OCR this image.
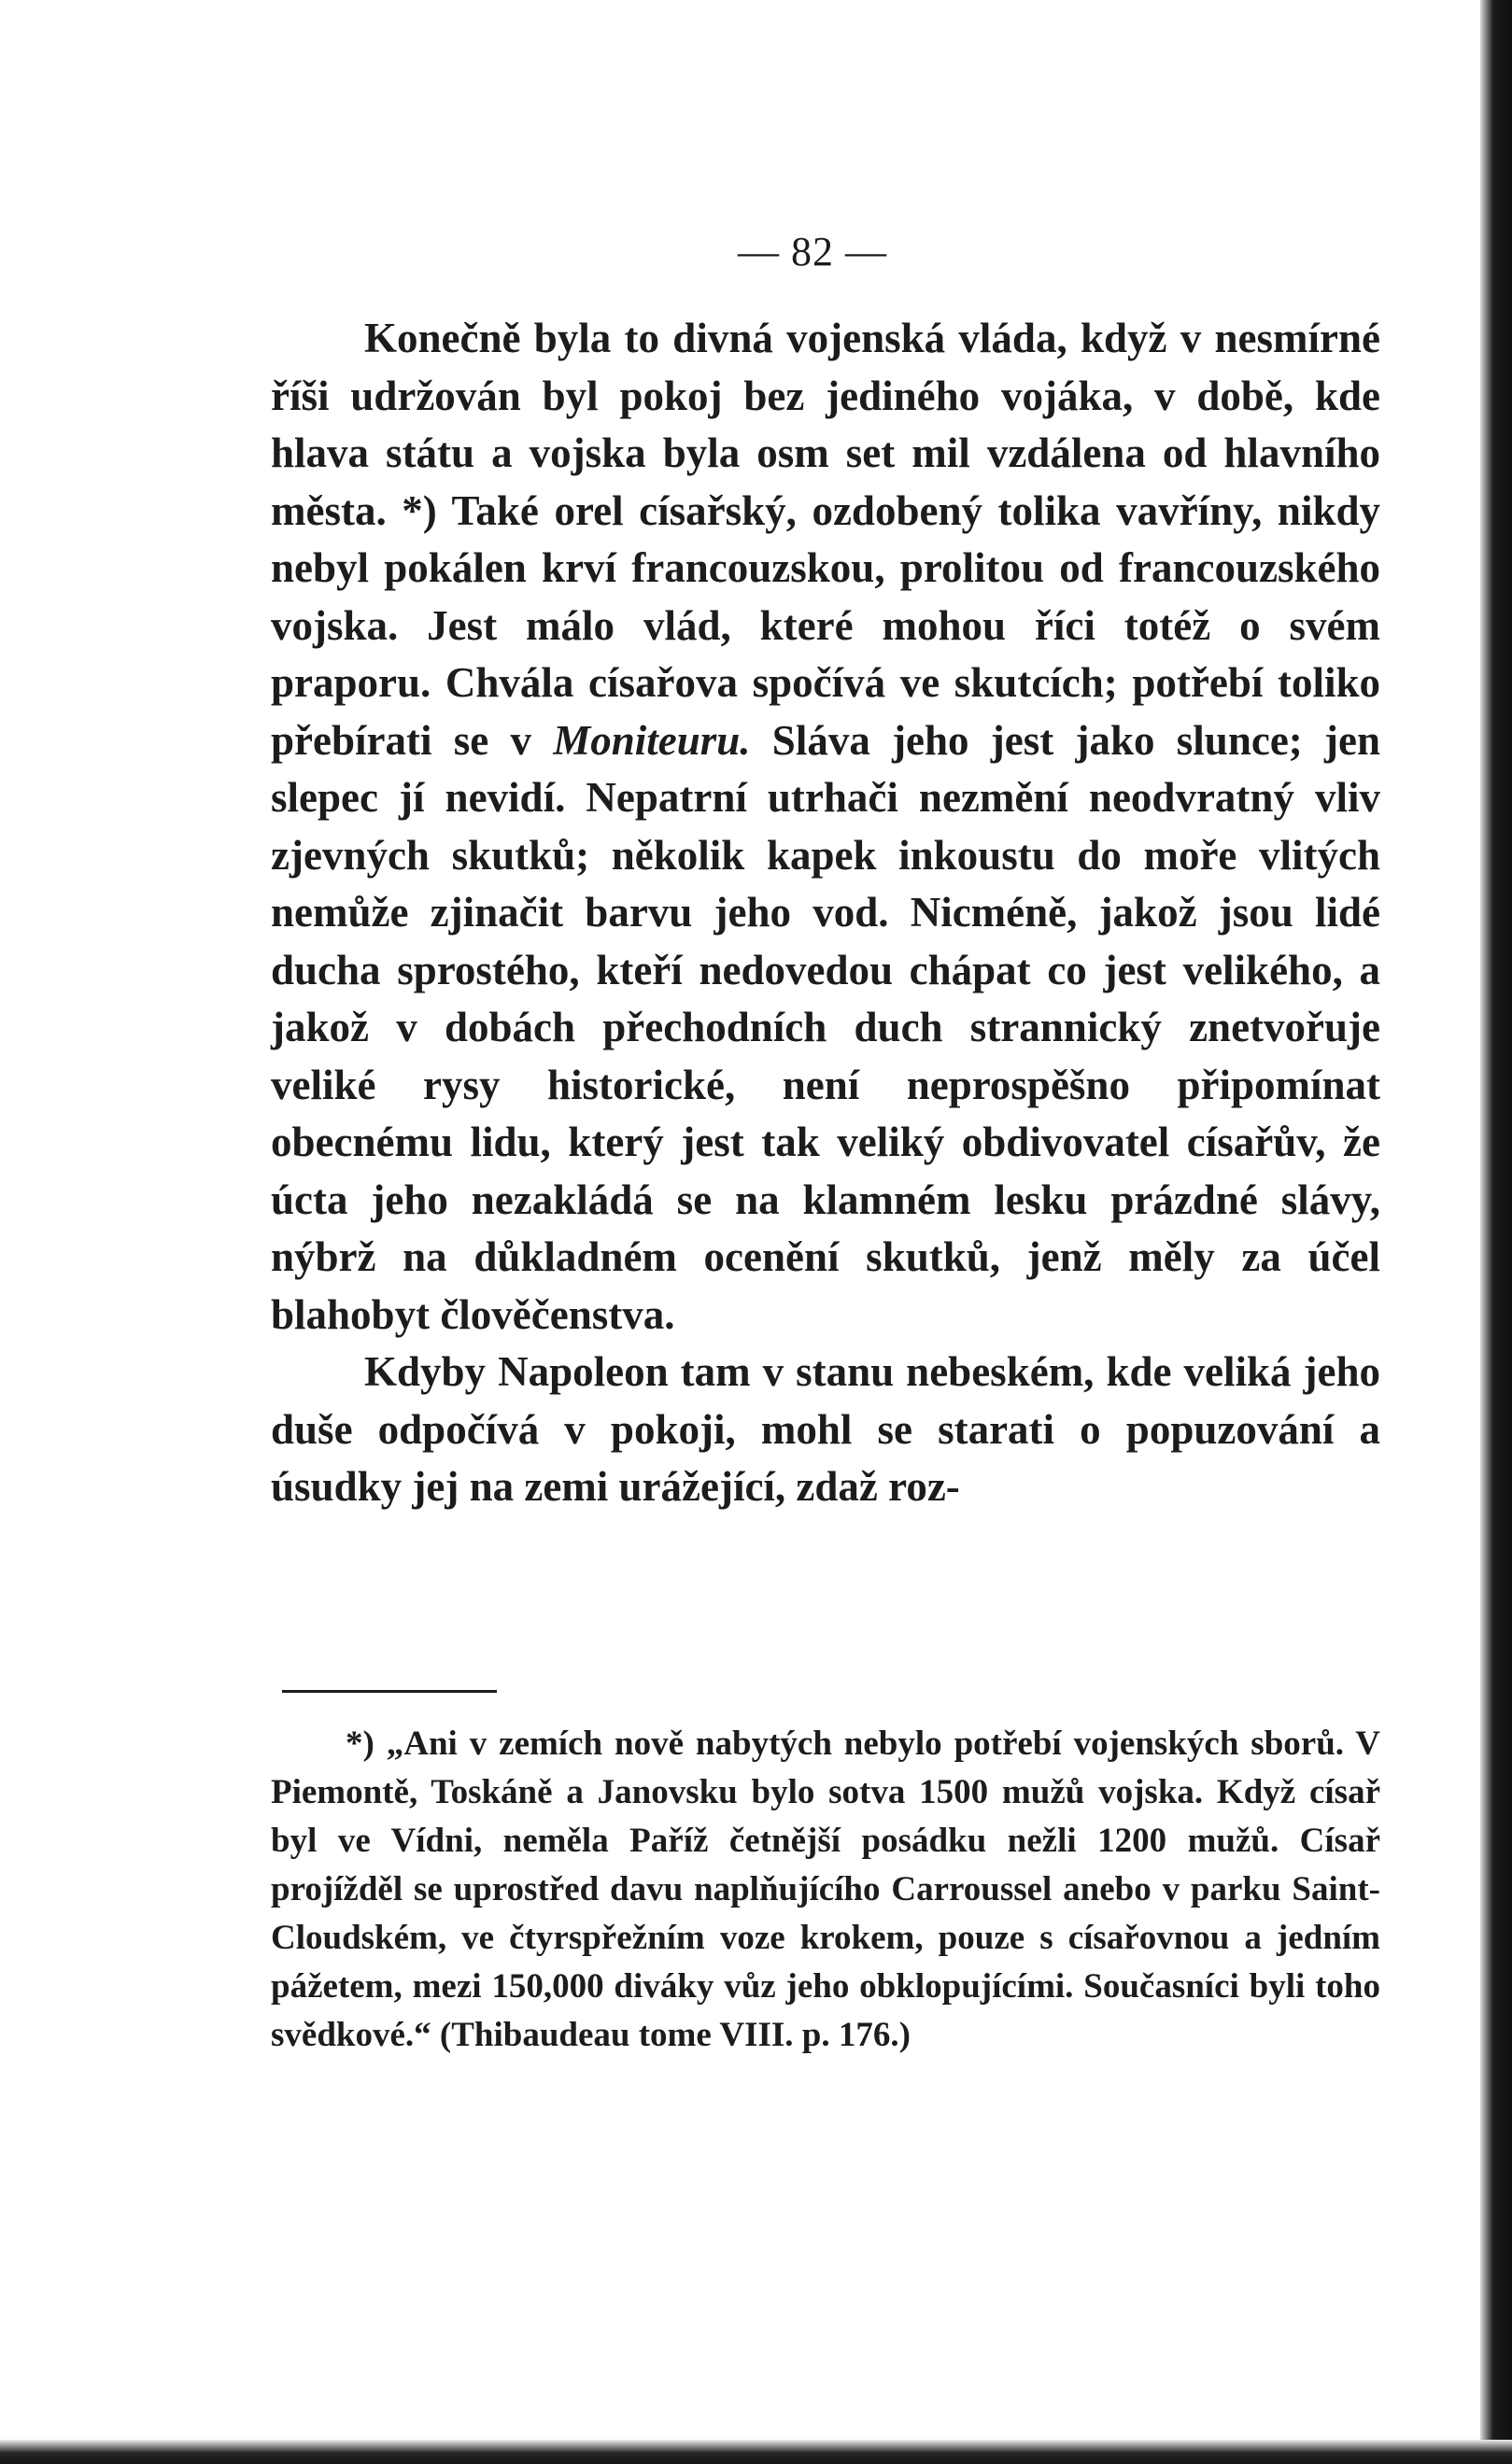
— 82 —

Konečně byla to divná vojenská vláda, když v nesmírné říši udržován byl pokoj bez jediného vojáka, v době, kde hlava státu a vojska byla osm set mil vzdálena od hlavního města. *) Také orel císařský, ozdobený tolika vavříny, nikdy nebyl pokálen krví francouzskou, prolitou od francouzského vojska. Jest málo vlád, které mohou říci totéž o svém praporu. Chvála císařova spočívá ve skutcích; potřebí toliko přebírati se v Moniteuru. Sláva jeho jest jako slunce; jen slepec jí nevidí. Nepatrní utrhači nezmění neodvratný vliv zjevných skutků; několik kapek inkoustu do moře vlitých nemůže zjinačit barvu jeho vod. Nicméně, jakož jsou lidé ducha sprostého, kteří nedovedou chápat co jest velikého, a jakož v dobách přechodních duch strannický znetvořuje veliké rysy historické, není neprospěšno připomínat obecnému lidu, který jest tak veliký obdivovatel císařův, že úcta jeho nezakládá se na klamném lesku prázdné slávy, nýbrž na důkladném ocenění skutků, jenž měly za účel blahobyt člověčenstva.

Kdyby Napoleon tam v stanu nebeském, kde veliká jeho duše odpočívá v pokoji, mohl se starati o popuzování a úsudky jej na zemi urážející, zdaž roz-

*) „Ani v zemích nově nabytých nebylo potřebí vojenských sborů. V Piemontě, Toskáně a Janovsku bylo sotva 1500 mužů vojska. Když císař byl ve Vídni, neměla Paříž četnější posádku nežli 1200 mužů. Císař projížděl se uprostřed davu naplňujícího Carroussel anebo v parku Saint-Cloudském, ve čtyrspřežním voze krokem, pouze s císařovnou a jedním pážetem, mezi 150,000 diváky vůz jeho obklopujícími. Současníci byli toho svědkové.“ (Thibaudeau tome VIII. p. 176.)
